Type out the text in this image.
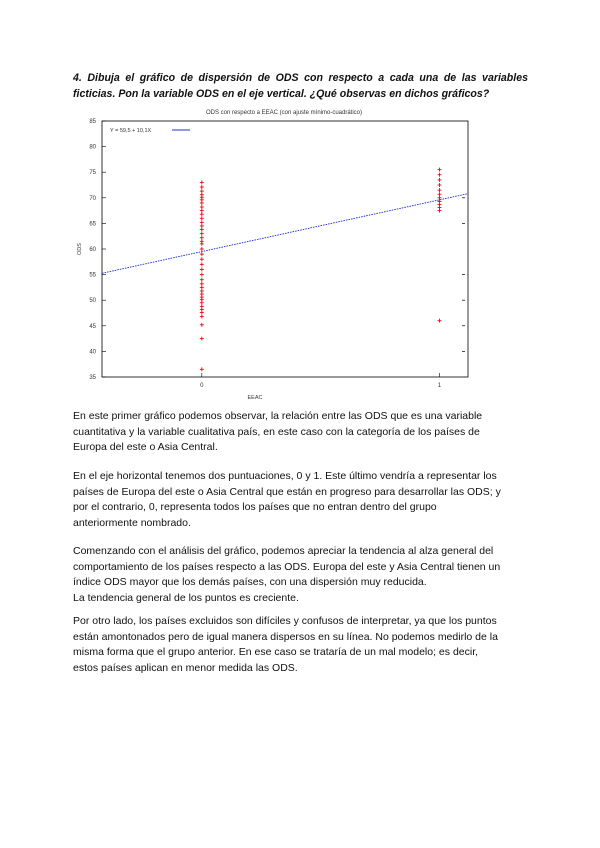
4. Dibuja el gráfico de dispersión de ODS con respecto a cada una de las variables ficticias. Pon la variable ODS en el eje vertical. ¿Qué observas en dichos gráficos?
ODS con respecto a EEAC (con ajuste mínimo-cuadrático)
35
40
45
50
55
60
65
70
75
80
85
0	1
ODS
EEAC
Y = 59,5 + 10,1X

En este primer gráfico podemos observar, la relación entre las ODS que es una variable
cuantitativa y la variable cualitativa país, en este caso con la categoría de los países de
Europa del este o Asia Central.

En el eje horizontal tenemos dos puntuaciones, 0 y 1. Este último vendría a representar los
países de Europa del este o Asia Central que están en progreso para desarrollar las ODS; y
por el contrario, 0, representa todos los países que no entran dentro del grupo
anteriormente nombrado.

Comenzando con el análisis del gráfico, podemos apreciar la tendencia al alza general del
comportamiento de los países respecto a las ODS. Europa del este y Asia Central tienen un
índice ODS mayor que los demás países, con una dispersión muy reducida.
La tendencia general de los puntos es creciente.

Por otro lado, los países excluidos son difíciles y confusos de interpretar, ya que los puntos
están amontonados pero de igual manera dispersos en su línea. No podemos medirlo de la
misma forma que el grupo anterior. En ese caso se trataría de un mal modelo; es decir,
estos países aplican en menor medida las ODS.
